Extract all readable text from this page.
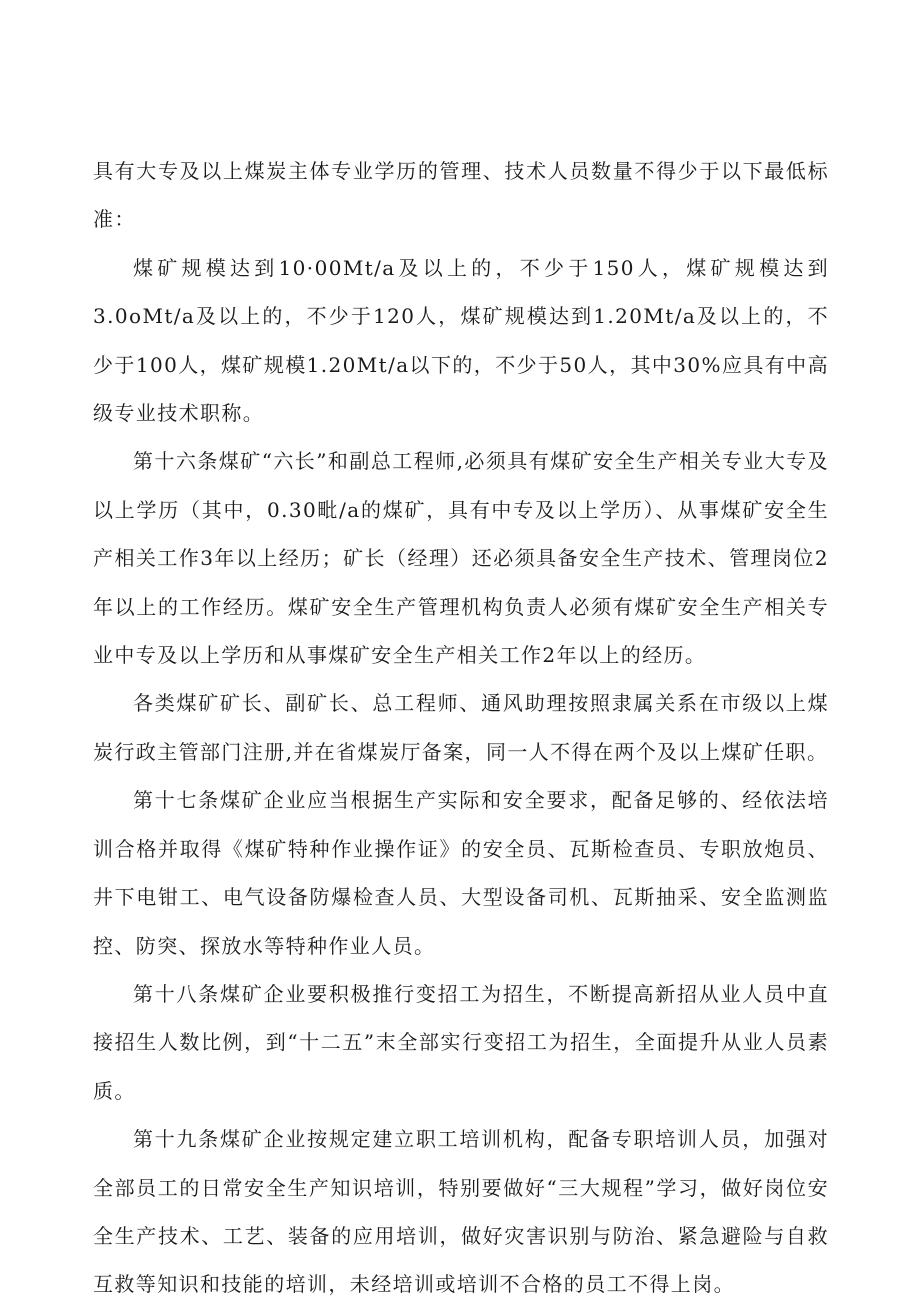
具有大专及以上煤炭主体专业学历的管理、技术人员数量不得少于以下最低标准：

煤矿规模达到10·00Mt/a及以上的，不少于150人，煤矿规模达到3.0oMt/a及以上的，不少于120人，煤矿规模达到1.20Mt/a及以上的，不少于100人，煤矿规模1.20Mt/a以下的，不少于50人，其中30%应具有中高级专业技术职称。

第十六条煤矿“六长”和副总工程师,必须具有煤矿安全生产相关专业大专及以上学历（其中，0.30毗/a的煤矿，具有中专及以上学历）、从事煤矿安全生产相关工作3年以上经历；矿长（经理）还必须具备安全生产技术、管理岗位2年以上的工作经历。煤矿安全生产管理机构负责人必须有煤矿安全生产相关专业中专及以上学历和从事煤矿安全生产相关工作2年以上的经历。

各类煤矿矿长、副矿长、总工程师、通风助理按照隶属关系在市级以上煤炭行政主管部门注册,并在省煤炭厅备案，同一人不得在两个及以上煤矿任职。

第十七条煤矿企业应当根据生产实际和安全要求，配备足够的、经依法培训合格并取得《煤矿特种作业操作证》的安全员、瓦斯检查员、专职放炮员、井下电钳工、电气设备防爆检查人员、大型设备司机、瓦斯抽采、安全监测监控、防突、探放水等特种作业人员。

第十八条煤矿企业要积极推行变招工为招生，不断提高新招从业人员中直接招生人数比例，到“十二五”末全部实行变招工为招生，全面提升从业人员素质。

第十九条煤矿企业按规定建立职工培训机构，配备专职培训人员，加强对全部员工的日常安全生产知识培训，特别要做好“三大规程”学习，做好岗位安全生产技术、工艺、装备的应用培训，做好灾害识别与防治、紧急避险与自救互救等知识和技能的培训，未经培训或培训不合格的员工不得上岗。
